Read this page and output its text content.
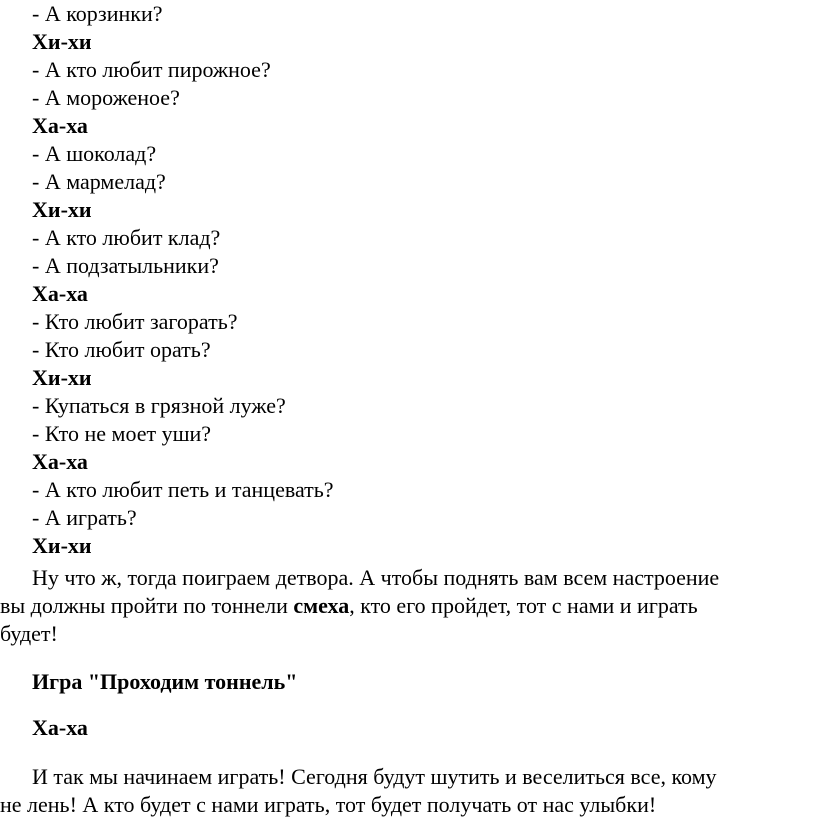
- А корзинки?
Хи-хи
- А кто любит пирожное?
- А мороженое?
Ха-ха
- А шоколад?
- А мармелад?
Хи-хи
- А кто любит клад?
- А подзатыльники?
Ха-ха
- Кто любит загорать?
- Кто любит орать?
Хи-хи
- Купаться в грязной луже?
- Кто не моет уши?
Ха-ха
- А кто любит петь и танцевать?
- А играть?
Хи-хи
Ну что ж, тогда поиграем детвора. А чтобы поднять вам всем настроение
вы должны пройти по тоннели смеха, кто его пройдет, тот с нами и играть
будет!
Игра "Проходим тоннель"
Ха-ха
И так мы начинаем играть! Сегодня будут шутить и веселиться все, кому
не лень! А кто будет с нами играть, тот будет получать от нас улыбки!
